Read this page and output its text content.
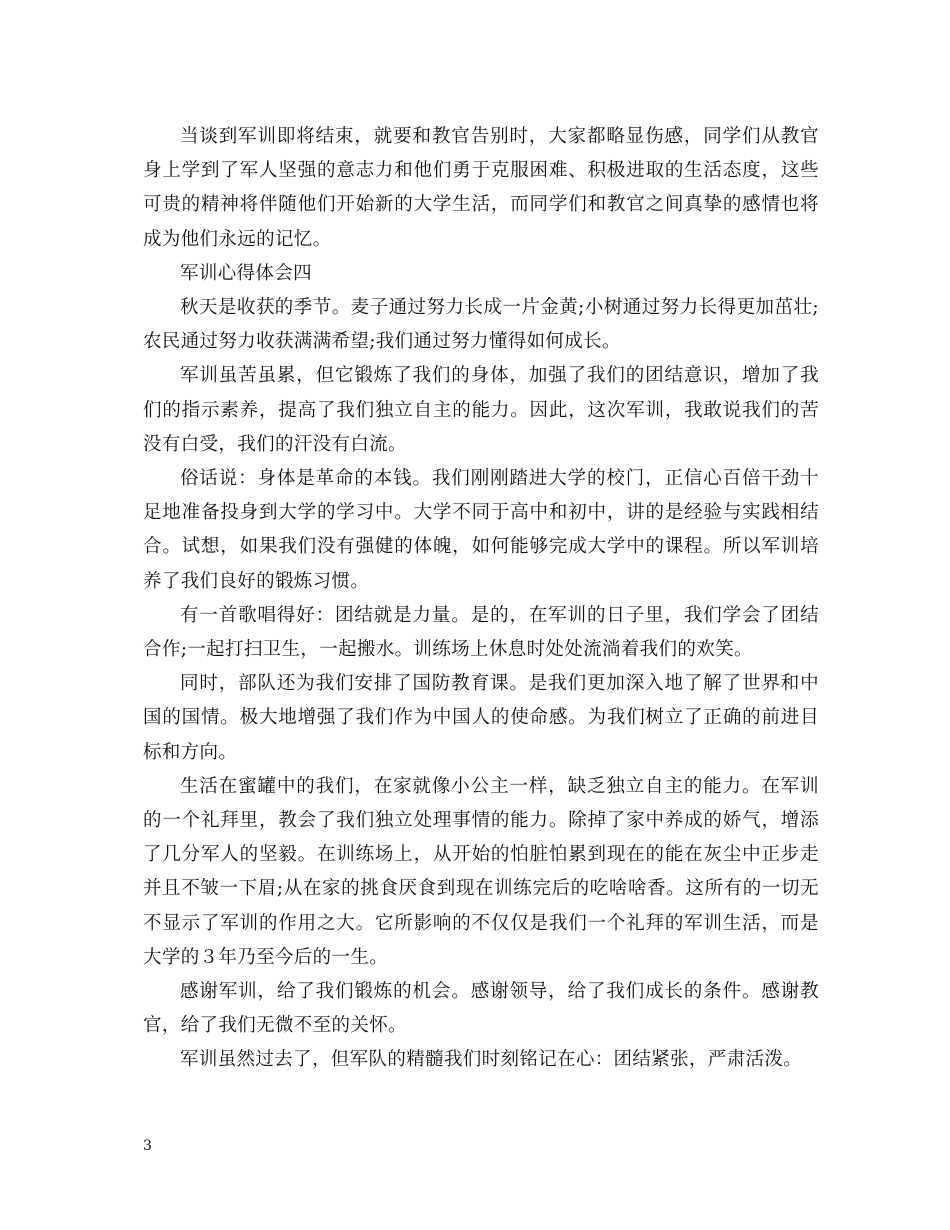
当谈到军训即将结束，就要和教官告别时，大家都略显伤感，同学们从教官身上学到了军人坚强的意志力和他们勇于克服困难、积极进取的生活态度，这些可贵的精神将伴随他们开始新的大学生活，而同学们和教官之间真挚的感情也将成为他们永远的记忆。

军训心得体会四

秋天是收获的季节。麦子通过努力长成一片金黄;小树通过努力长得更加茁壮;农民通过努力收获满满希望;我们通过努力懂得如何成长。

军训虽苦虽累，但它锻炼了我们的身体，加强了我们的团结意识，增加了我们的指示素养，提高了我们独立自主的能力。因此，这次军训，我敢说我们的苦没有白受，我们的汗没有白流。

俗话说：身体是革命的本钱。我们刚刚踏进大学的校门，正信心百倍干劲十足地准备投身到大学的学习中。大学不同于高中和初中，讲的是经验与实践相结合。试想，如果我们没有强健的体魄，如何能够完成大学中的课程。所以军训培养了我们良好的锻炼习惯。

有一首歌唱得好：团结就是力量。是的，在军训的日子里，我们学会了团结合作;一起打扫卫生，一起搬水。训练场上休息时处处流淌着我们的欢笑。

同时，部队还为我们安排了国防教育课。是我们更加深入地了解了世界和中国的国情。极大地增强了我们作为中国人的使命感。为我们树立了正确的前进目标和方向。

生活在蜜罐中的我们，在家就像小公主一样，缺乏独立自主的能力。在军训的一个礼拜里，教会了我们独立处理事情的能力。除掉了家中养成的娇气，增添了几分军人的坚毅。在训练场上，从开始的怕脏怕累到现在的能在灰尘中正步走并且不皱一下眉;从在家的挑食厌食到现在训练完后的吃啥啥香。这所有的一切无不显示了军训的作用之大。它所影响的不仅仅是我们一个礼拜的军训生活，而是大学的３年乃至今后的一生。

感谢军训，给了我们锻炼的机会。感谢领导，给了我们成长的条件。感谢教官，给了我们无微不至的关怀。

军训虽然过去了，但军队的精髓我们时刻铭记在心：团结紧张，严肃活泼。

3
